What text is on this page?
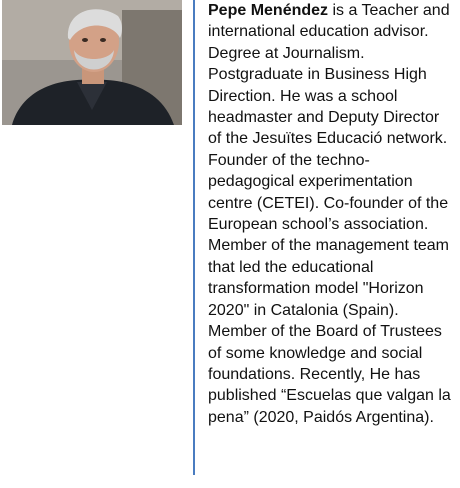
Pepe Menéndez is a Teacher and international education advisor. Degree at Journalism. Postgraduate in Business High Direction. He was a school headmaster and Deputy Director of the Jesuïtes Educació network. Founder of the techno-pedagogical experimentation centre (CETEI). Co-founder of the European school’s association. Member of the management team that led the educational transformation model "Horizon 2020" in Catalonia (Spain). Member of the Board of Trustees of some knowledge and social foundations. Recently, He has published “Escuelas que valgan la pena” (2020, Paidós Argentina).
